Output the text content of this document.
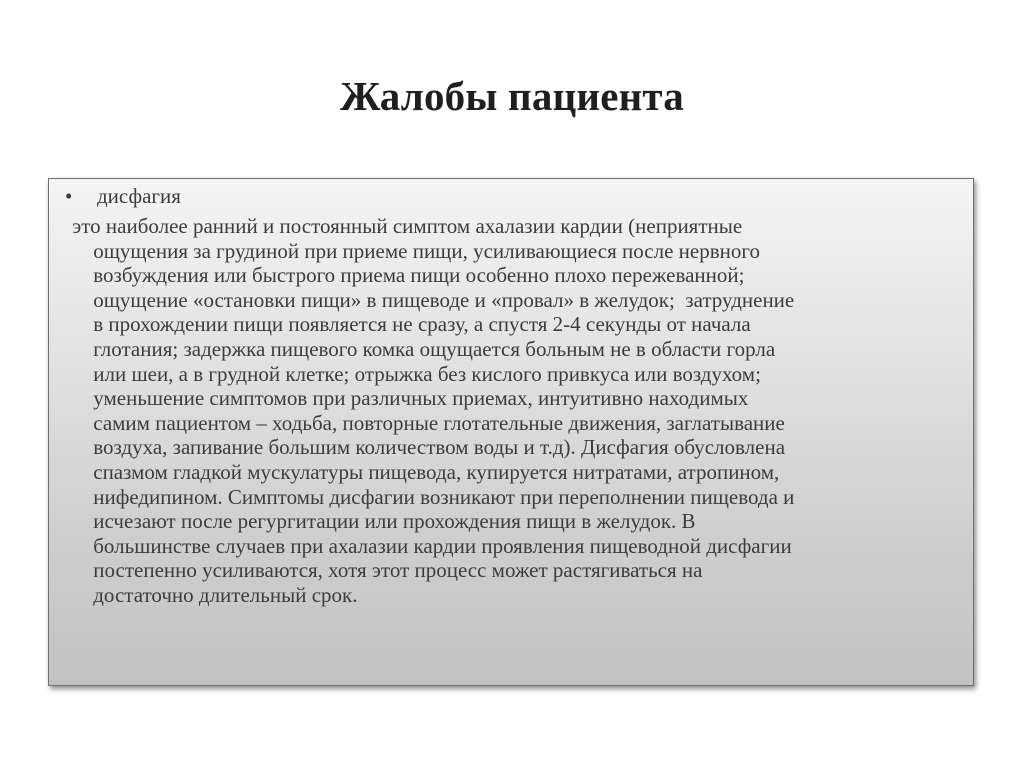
Жалобы пациента
• дисфагия
это наиболее ранний и постоянный симптом ахалазии кардии (неприятные
ощущения за грудиной при приеме пищи, усиливающиеся после нервного
возбуждения или быстрого приема пищи особенно плохо пережеванной;
ощущение «остановки пищи» в пищеводе и «провал» в желудок;  затруднение
в прохождении пищи появляется не сразу, а спустя 2-4 секунды от начала
глотания; задержка пищевого комка ощущается больным не в области горла
или шеи, а в грудной клетке; отрыжка без кислого привкуса или воздухом;
уменьшение симптомов при различных приемах, интуитивно находимых
самим пациентом – ходьба, повторные глотательные движения, заглатывание
воздуха, запивание большим количеством воды и т.д). Дисфагия обусловлена
спазмом гладкой мускулатуры пищевода, купируется нитратами, атропином,
нифедипином. Симптомы дисфагии возникают при переполнении пищевода и
исчезают после регургитации или прохождения пищи в желудок. В
большинстве случаев при ахалазии кардии проявления пищеводной дисфагии
постепенно усиливаются, хотя этот процесс может растягиваться на
достаточно длительный срок.
